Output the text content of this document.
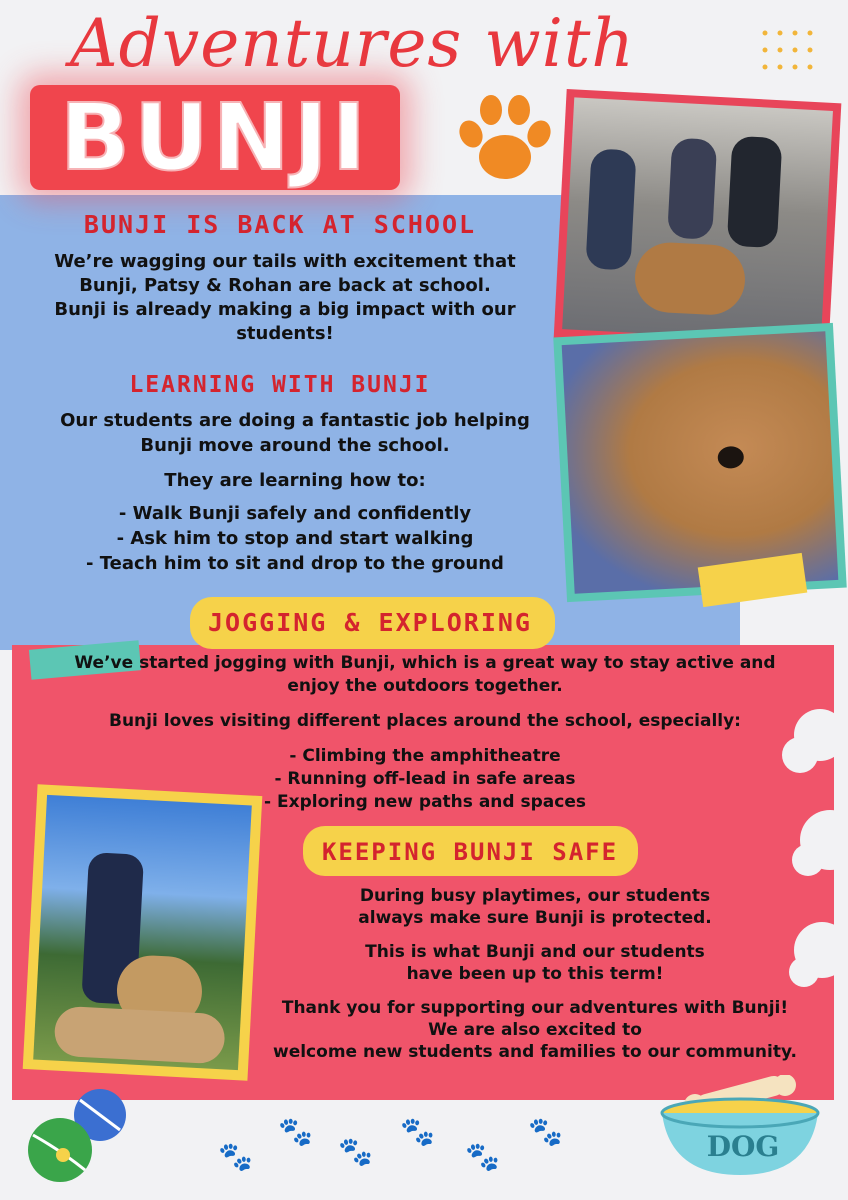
Adventures with
BUNJI
BUNJI IS BACK AT SCHOOL
We’re wagging our tails with excitement that
Bunji, Patsy & Rohan are back at school.
Bunji is already making a big impact with our
students!
LEARNING WITH BUNJI
Our students are doing a fantastic job helping
Bunji move around the school.
They are learning how to:
- Walk Bunji safely and confidently
- Ask him to stop and start walking
- Teach him to sit and drop to the ground
JOGGING & EXPLORING
We’ve started jogging with Bunji, which is a great way to stay active and
enjoy the outdoors together.
Bunji loves visiting different places around the school, especially:
- Climbing the amphitheatre
- Running off-lead in safe areas
- Exploring new paths and spaces
KEEPING BUNJI SAFE
During busy playtimes, our students
always make sure Bunji is protected.
This is what Bunji and our students
have been up to this term!
Thank you for supporting our adventures with Bunji!
We are also excited to
welcome new students and families to our community.
🐾
🐾
🐾
🐾
🐾
🐾	DOG
